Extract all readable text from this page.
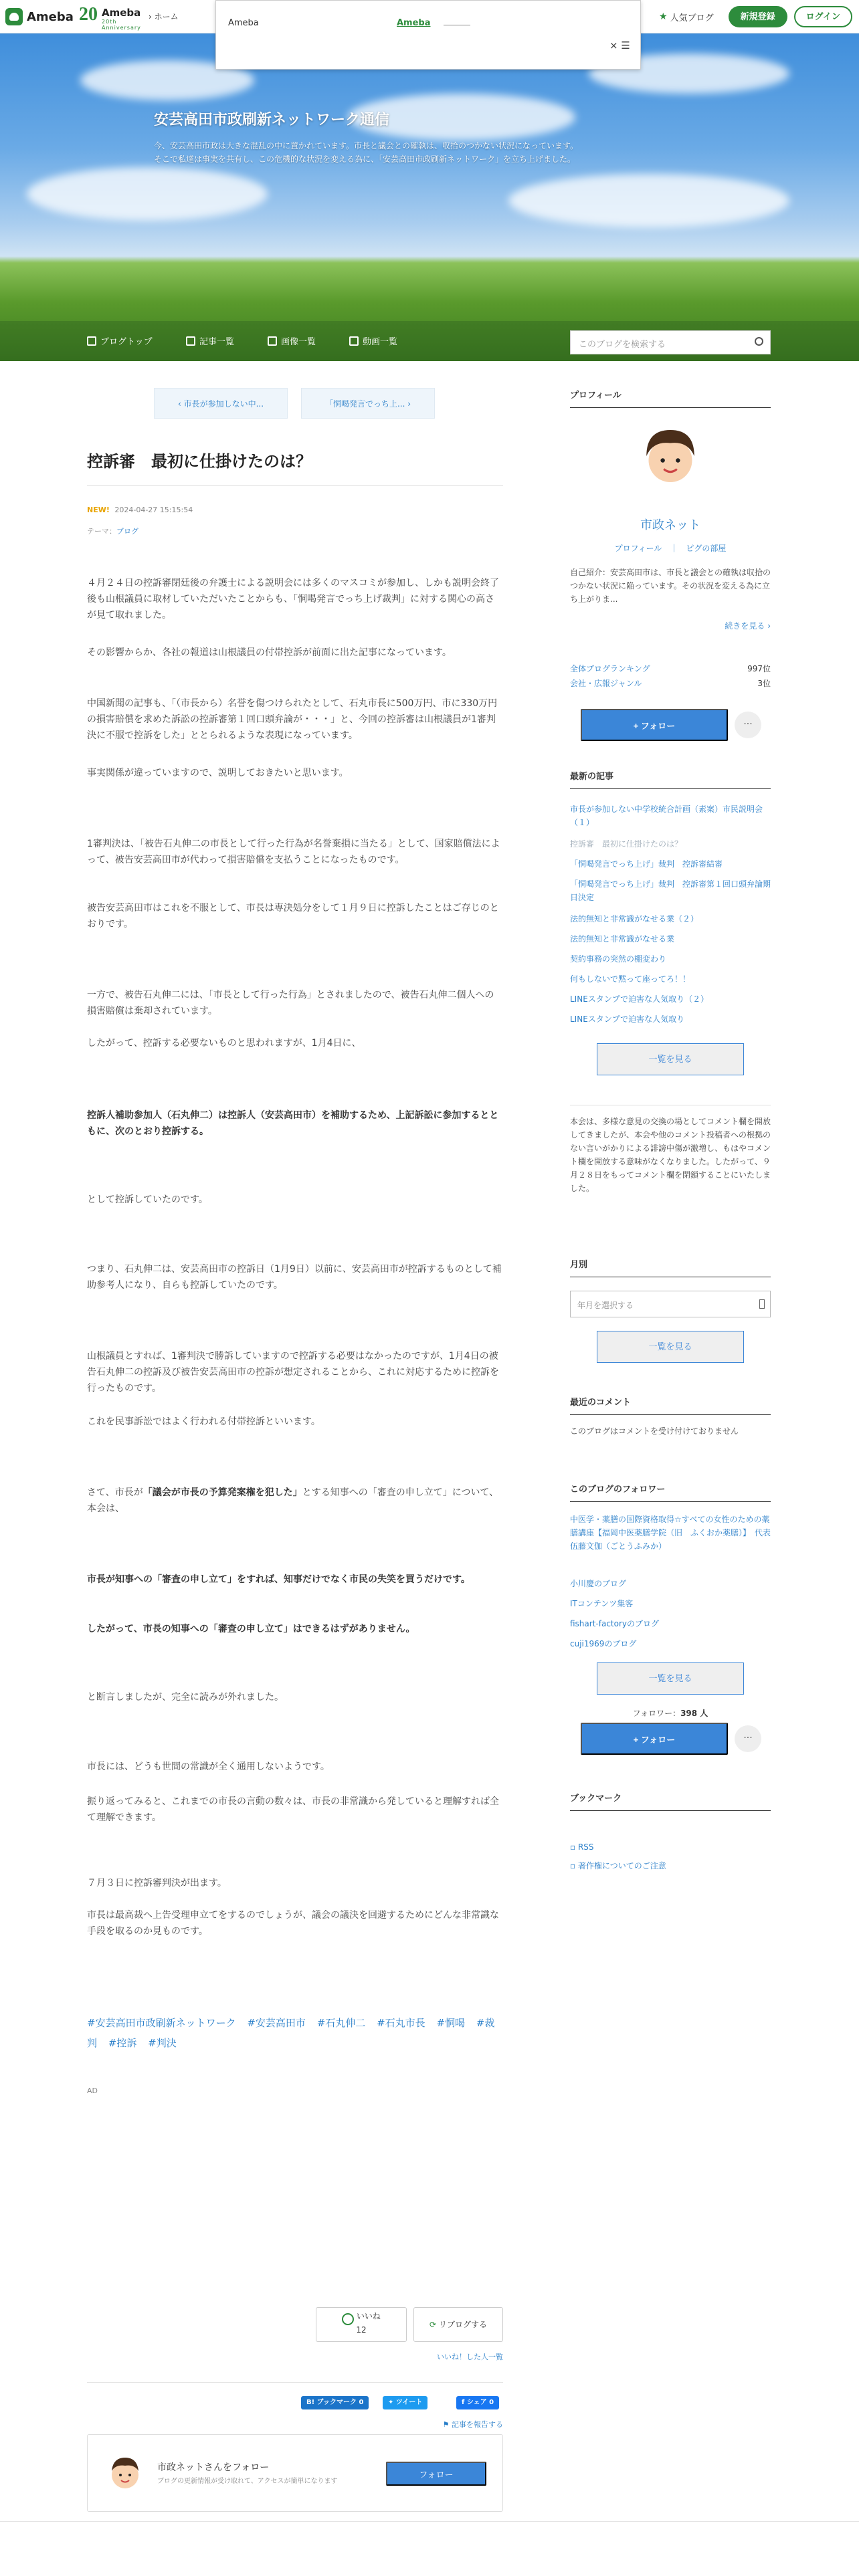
Ameba 20 Ameba
20th Anniversary
› ホーム	★ 人気ブログ	新規登録	ログイン
安芸高田市政刷新ネットワーク通信
今、安芸高田市政は大きな混乱の中に置かれています。市長と議会との確執は、収拾のつかない状況になっています。
そこで私達は事実を共有し、この危機的な状況を変える為に、「安芸高田市政刷新ネットワーク」を立ち上げました。
ブログトップ	記事一覧	画像一覧	動画一覧	このブログを検索する
Ameba	Ameba
× ☰
‹ 市長が参加しない中...	「恫喝発言でっち上... ›
控訴審　最初に仕掛けたのは？
NEW! 2024-04-27 15:15:54
テーマ：ブログ

４月２４日の控訴審閉廷後の弁護士による説明会には多くのマスコミが参加し、しかも説明会終了後も山根議員に取材していただいたことからも、「恫喝発言でっち上げ裁判」に対する関心の高さが見て取れました。

その影響からか、各社の報道は山根議員の付帯控訴が前面に出た記事になっています。

中国新聞の記事も、「（市長から）名誉を傷つけられたとして、石丸市長に500万円、市に330万円の損害賠償を求めた訴訟の控訴審第１回口頭弁論が・・・」と、今回の控訴審は山根議員が1審判決に不服で控訴をした」ととられるような表現になっています。

事実関係が違っていますので、説明しておきたいと思います。

1審判決は、「被告石丸伸二の市長として行った行為が名誉棄損に当たる」として、国家賠償法によって、被告安芸高田市が代わって損害賠償を支払うことになったものです。

被告安芸高田市はこれを不服として、市長は専決処分をして１月９日に控訴したことはご存じのとおりです。

一方で、被告石丸伸二には、「市長として行った行為」とされましたので、被告石丸伸二個人への損害賠償は棄却されています。

したがって、控訴する必要ないものと思われますが、1月4日に、

控訴人補助参加人（石丸伸二）は控訴人（安芸高田市）を補助するため、上記訴訟に参加するとともに、次のとおり控訴する。

として控訴していたのです。

つまり、石丸伸二は、安芸高田市の控訴日（1月9日）以前に、安芸高田市が控訴するものとして補助参考人になり、自らも控訴していたのです。

山根議員とすれば、1審判決で勝訴していますので控訴する必要はなかったのですが、1月4日の被告石丸伸二の控訴及び被告安芸高田市の控訴が想定されることから、これに対応するために控訴を行ったものです。

これを民事訴訟ではよく行われる付帯控訴といいます。

さて、市長が「議会が市長の予算発案権を犯した」とする知事への「審査の申し立て」について、本会は、

市長が知事への「審査の申し立て」をすれば、知事だけでなく市民の失笑を買うだけです。

したがって、市長の知事への「審査の申し立て」はできるはずがありません。

と断言しましたが、完全に読みが外れました。

市長には、どうも世間の常識が全く通用しないようです。

振り返ってみると、これまでの市長の言動の数々は、市長の非常識から発していると理解すれば全て理解できます。

７月３日に控訴審判決が出ます。

市長は最高裁へ上告受理申立てをするのでしょうが、議会の議決を回避するためにどんな非常識な手段を取るのか見ものです。

#安芸高田市政刷新ネットワーク #安芸高田市 #石丸伸二 #石丸市長 #恫喝 #裁判 #控訴 #判決
AD
いいね
12
⟳ リブログする
いいね！した人一覧
B! ブックマーク 0	✦ ツイート	f シェア 0
⚑ 記事を報告する
市政ネットさんをフォロー
ブログの更新情報が受け取れて、アクセスが簡単になります
フォロー
プロフィール
市政ネット
プロフィール　｜　ピグの部屋
自己紹介：安芸高田市は、市長と議会との確執は収拾のつかない状況に陥っています。その状況を変える為に立ち上がりま...
続きを見る ›
全体ブログランキング	997位
会社・広報ジャンル	3位
+ フォロー	···
最新の記事
市長が参加しない中学校統合計画（素案）市民説明会（１）
控訴審　最初に仕掛けたのは？
「恫喝発言でっち上げ」裁判　控訴審結審
「恫喝発言でっち上げ」裁判　控訴審第１回口頭弁論期日決定
法的無知と非常識がなせる業（２）
法的無知と非常識がなせる業
契約事務の突然の棚変わり
何もしないで黙って座ってろ！！
LINEスタンプで迫害な人気取り（２）
LINEスタンプで迫害な人気取り
一覧を見る
本会は、多様な意見の交換の場としてコメント欄を開放してきましたが、本会や他のコメント投稿者への根拠のない言いがかりによる誹謗中傷が激増し、もはやコメント欄を開放する意味がなくなりました。したがって、９月２８日をもってコメント欄を閉鎖することにいたしました。
月別
年月を選択する
一覧を見る
最近のコメント
このブログはコメントを受け付けておりません
このブログのフォロワー
中医学・薬膳の国際資格取得☆すべての女性のための薬膳講座【福岡中医薬膳学院（旧　ふくおか薬膳）】　代表　伍藤文伽（ごとうふみか）
小川慶のブログ
ITコンテンツ集客
fishart-factoryのブログ
cuji1969のブログ
一覧を見る
フォロワー：398 人
+ フォロー	···
ブックマーク
▫ RSS
▫ 著作権についてのご注意
